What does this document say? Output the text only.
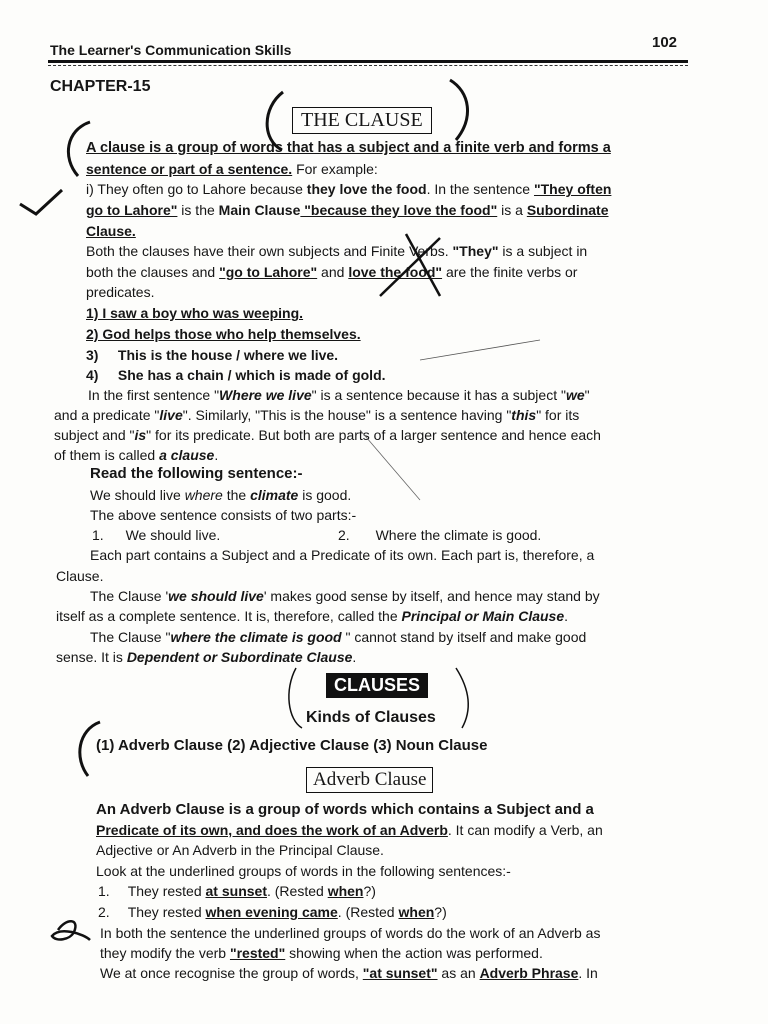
The Learner's Communication Skills	102
CHAPTER-15
THE CLAUSE
A clause is a group of words that has a subject and a finite verb and forms a
sentence or part of a sentence. For example:
i) They often go to Lahore because they love the food. In the sentence "They often
go to Lahore" is the Main Clause "because they love the food" is a Subordinate
Clause.
Both the clauses have their own subjects and Finite Verbs. "They" is a subject in
both the clauses and "go to Lahore" and love the food" are the finite verbs or
predicates.
1) I saw a boy who was weeping.
2) God helps those who help themselves.
3)     This is the house / where we live.
4)     She has a chain / which is made of gold.
In the first sentence "Where we live" is a sentence because it has a subject "we"
and a predicate "live". Similarly, "This is the house" is a sentence having "this" for its
subject and "is" for its predicate. But both are parts of a larger sentence and hence each
of them is called a clause.
Read the following sentence:-
We should live where the climate is good.
The above sentence consists of two parts:-
1. We should live.	2. Where the climate is good.
Each part contains a Subject and a Predicate of its own. Each part is, therefore, a
Clause.
The Clause 'we should live' makes good sense by itself, and hence may stand by
itself as a complete sentence. It is, therefore, called the Principal or Main Clause.
The Clause "where the climate is good " cannot stand by itself and make good
sense. It is Dependent or Subordinate Clause.
CLAUSES
Kinds of Clauses
(1) Adverb Clause (2) Adjective Clause (3) Noun Clause
Adverb Clause
An Adverb Clause is a group of words which contains a Subject and a
Predicate of its own, and does the work of an Adverb. It can modify a Verb, an
Adjective or An Adverb in the Principal Clause.
Look at the underlined groups of words in the following sentences:-
1. They rested at sunset. (Rested when?)
2. They rested when evening came. (Rested when?)
In both the sentence the underlined groups of words do the work of an Adverb as
they modify the verb "rested" showing when the action was performed.
We at once recognise the group of words, "at sunset" as an Adverb Phrase. In
